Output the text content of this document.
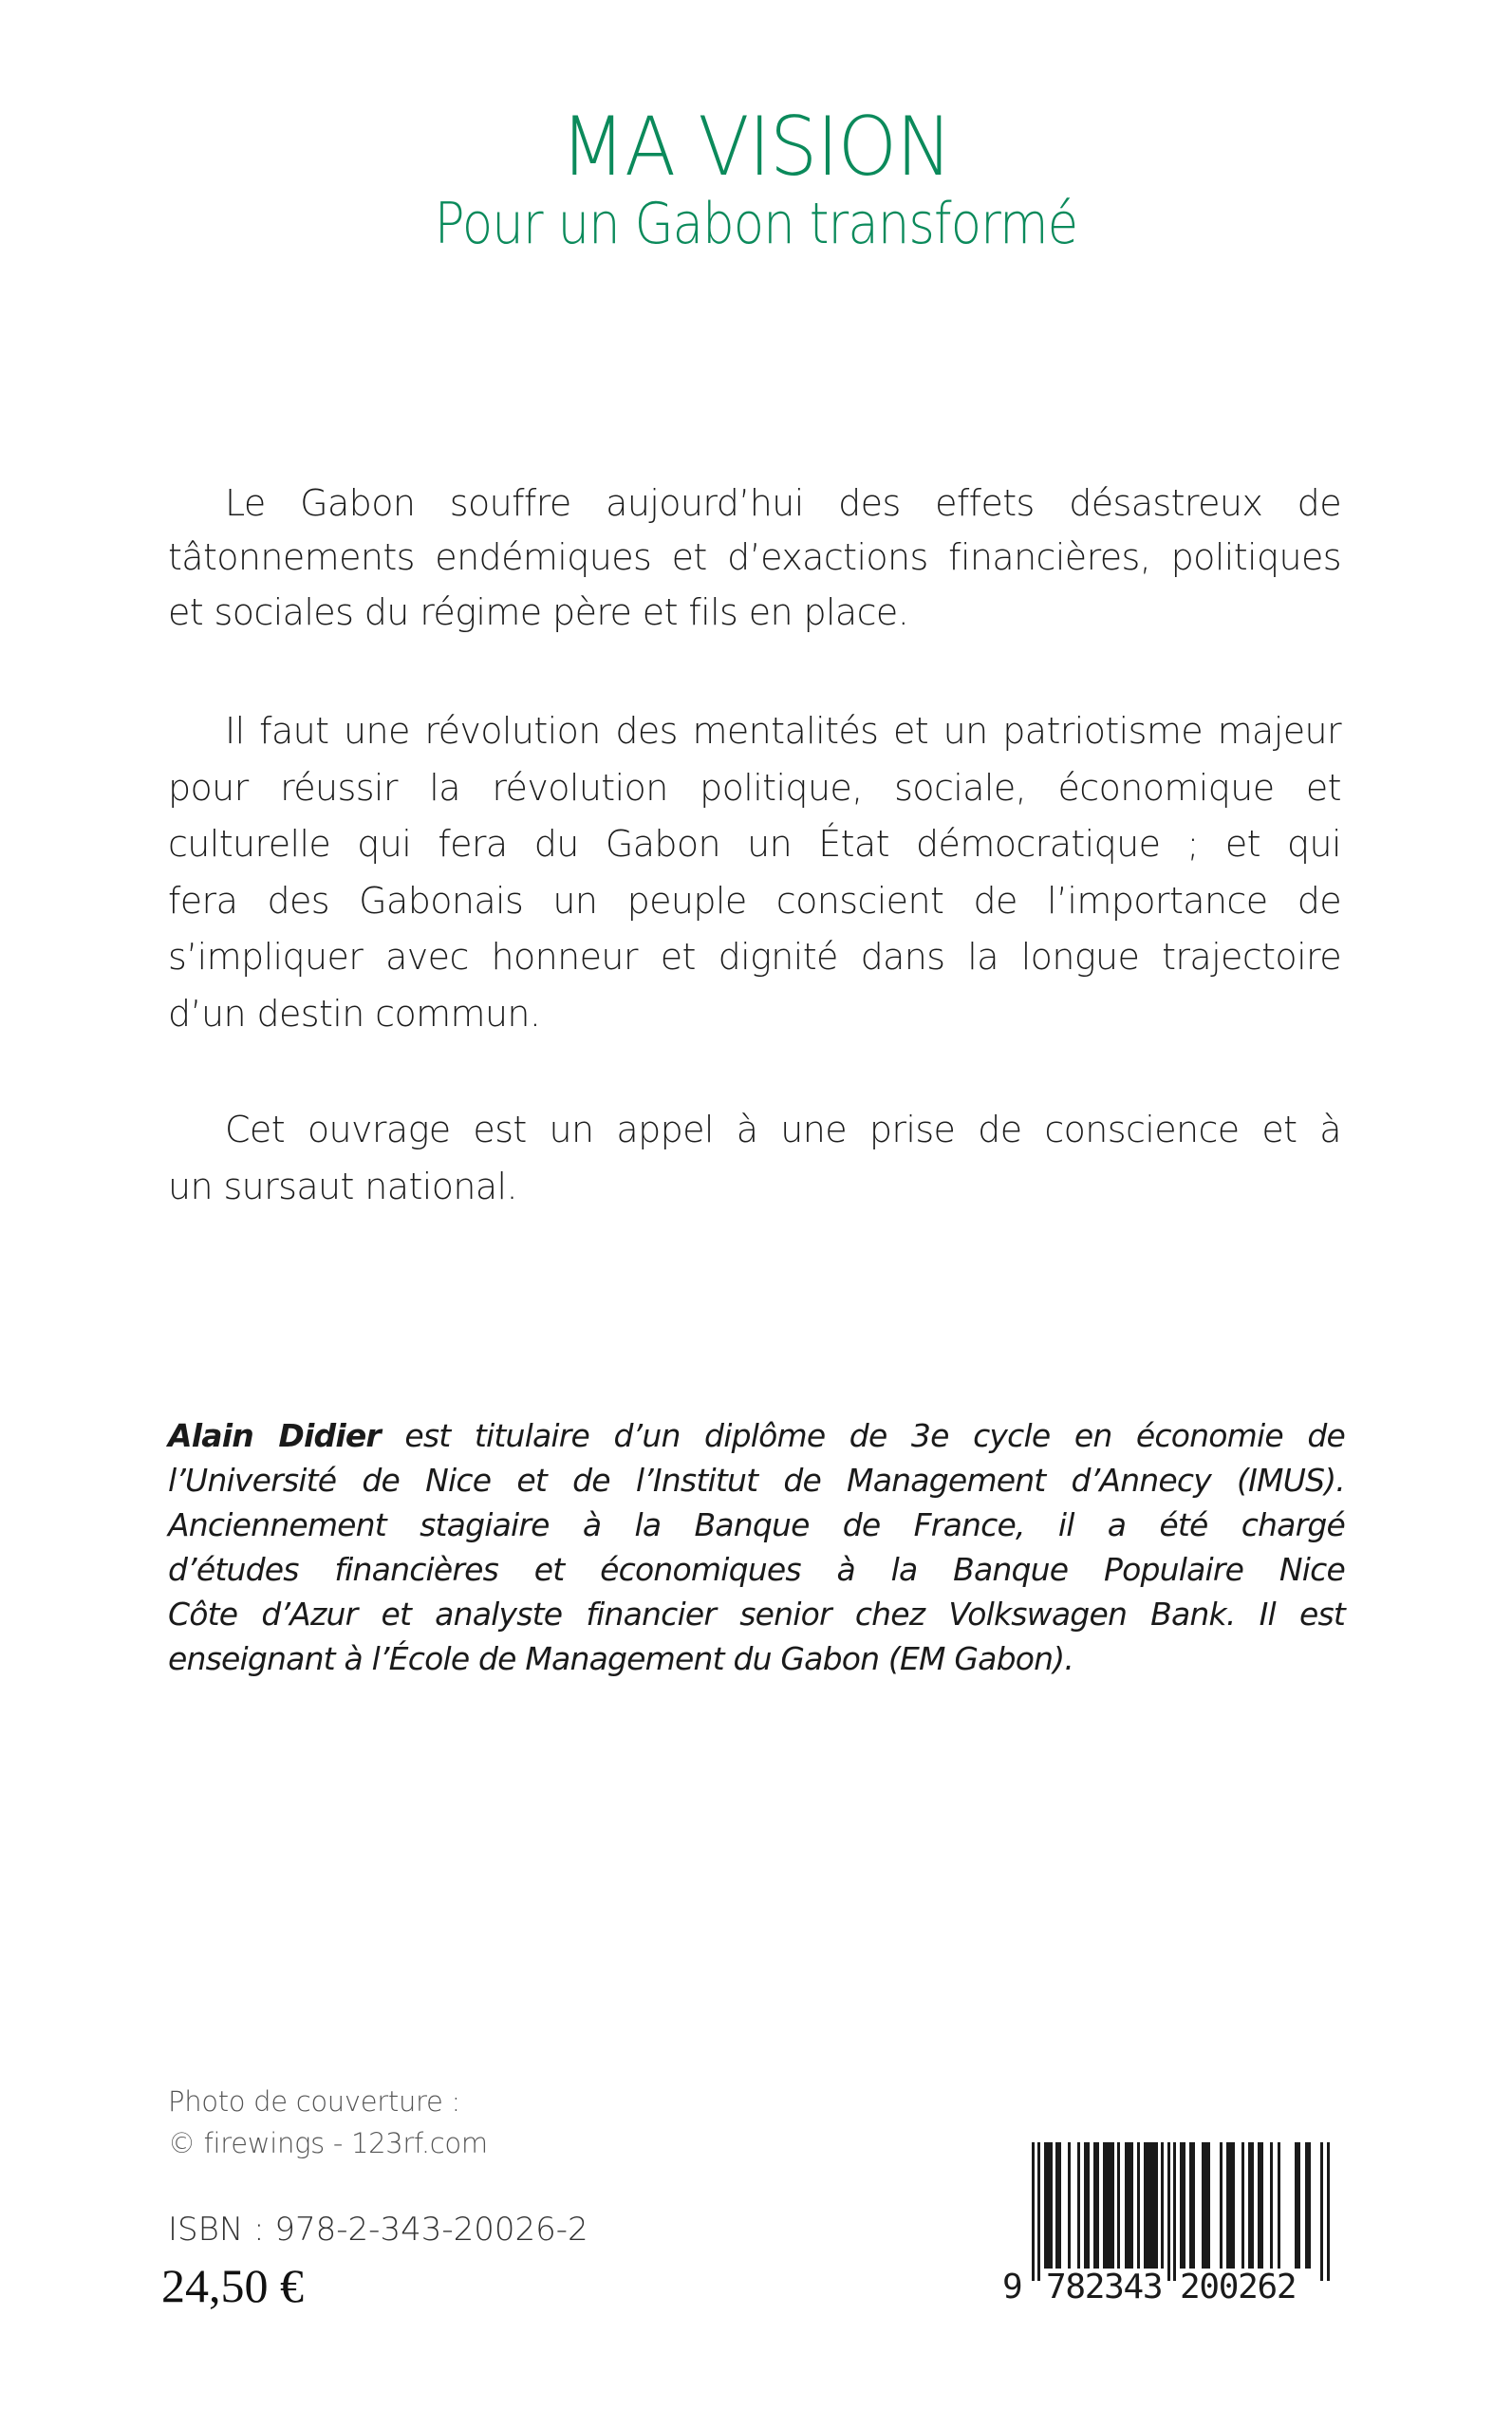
MA VISION
Pour un Gabon transformé
Le Gabon souffre aujourd’hui des effets désastreux de
tâtonnements endémiques et d’exactions financières, politiques
et sociales du régime père et fils en place.
Il faut une révolution des mentalités et un patriotisme majeur
pour réussir la révolution politique, sociale, économique et
culturelle qui fera du Gabon un État démocratique ; et qui
fera des Gabonais un peuple conscient de l’importance de
s’impliquer avec honneur et dignité dans la longue trajectoire
d’un destin commun.
Cet ouvrage est un appel à une prise de conscience et à
un sursaut national.
Alain Didier est titulaire d’un diplôme de 3e cycle en économie de
l’Université de Nice et de l’Institut de Management d’Annecy (IMUS).
Anciennement stagiaire à la Banque de France, il a été chargé
d’études financières et économiques à la Banque Populaire Nice
Côte d’Azur et analyste financier senior chez Volkswagen Bank. Il est
enseignant à l’École de Management du Gabon (EM Gabon).
Photo de couverture :
© firewings - 123rf.com
ISBN : 978-2-343-20026-2
24,50 €	9 782343 200262
